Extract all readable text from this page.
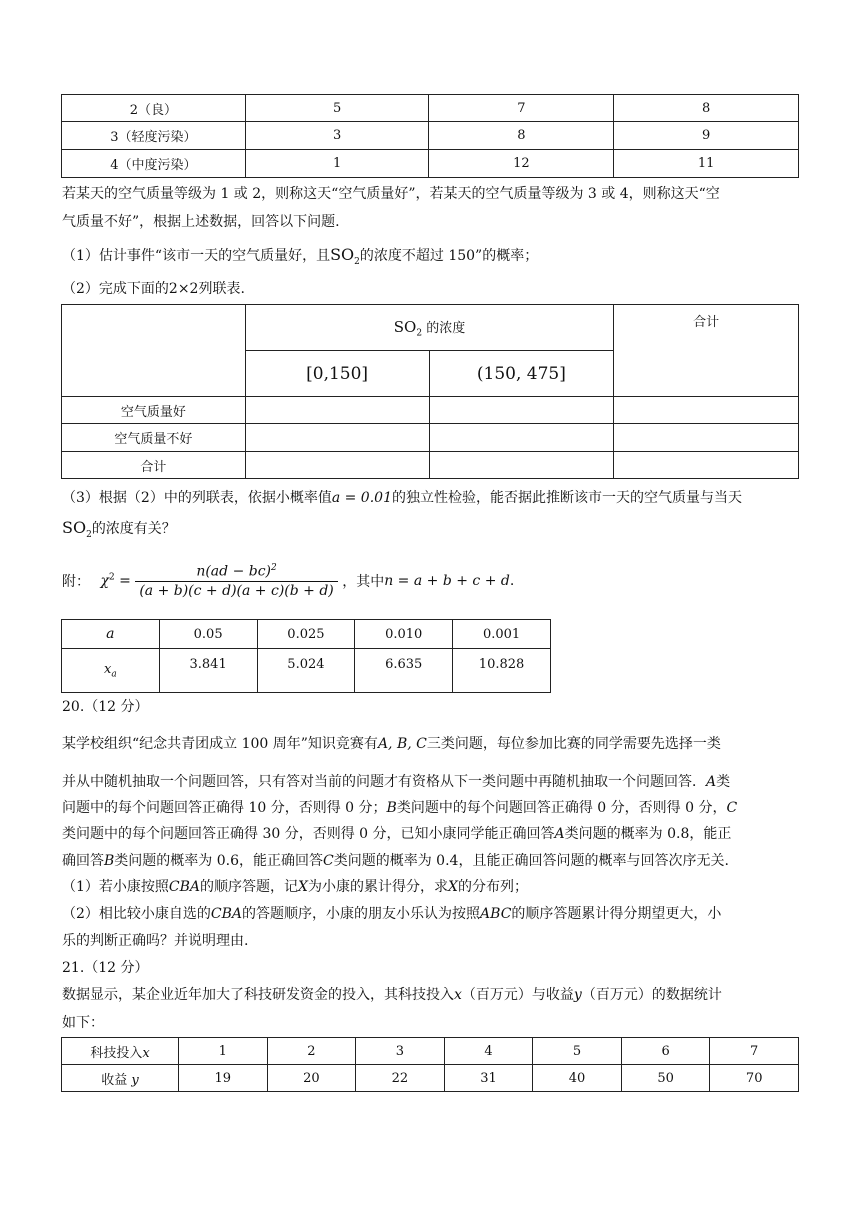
2（良）	5	7	8
3（轻度污染）	3	8	9
4（中度污染）	1	12	11
若某天的空气质量等级为 1 或 2，则称这天“空气质量好”，若某天的空气质量等级为 3 或 4，则称这天“空
气质量不好”，根据上述数据，回答以下问题.
（1）估计事件“该市一天的空气质量好，且$SO_2$的浓度不超过 150”的概率；
（2）完成下面的2×2列联表.
	$SO_2$ 的浓度		合计
	[0,150]	(150, 475]	
空气质量好			
空气质量不好			
合计			
（3）根据（2）中的列联表，依据小概率值a = 0.01的独立性检验，能否据此推断该市一天的空气质量与当天
$SO_2$的浓度有关？
附： $\chi^2 = \frac{n(ad - bc)^2}{(a + b)(c + d)(a + c)(b + d)}$ ，其中n = a + b + c + d.
a	0.05	0.025	0.010	0.001
$x_a$	3.841	5.024	6.635	10.828
20.（12 分）
某学校组织“纪念共青团成立 100 周年”知识竞赛有A, B, C三类问题，每位参加比赛的同学需要先选择一类
并从中随机抽取一个问题回答，只有答对当前的问题才有资格从下一类问题中再随机抽取一个问题回答．A类
问题中的每个问题回答正确得 10 分，否则得 0 分；B类问题中的每个问题回答正确得 0 分，否则得 0 分，C
类问题中的每个问题回答正确得 30 分，否则得 0 分，已知小康同学能正确回答A类问题的概率为 0.8，能正
确回答B类问题的概率为 0.6，能正确回答C类问题的概率为 0.4，且能正确回答问题的概率与回答次序无关.
（1）若小康按照CBA的顺序答题，记X为小康的累计得分，求X的分布列；
（2）相比较小康自选的CBA的答题顺序，小康的朋友小乐认为按照ABC的顺序答题累计得分期望更大，小
乐的判断正确吗？并说明理由.
21.（12 分）
数据显示，某企业近年加大了科技研发资金的投入，其科技投入x（百万元）与收益y（百万元）的数据统计
如下：
科技投入x	1	2	3	4	5	6	7
收益 y	19	20	22	31	40	50	70
